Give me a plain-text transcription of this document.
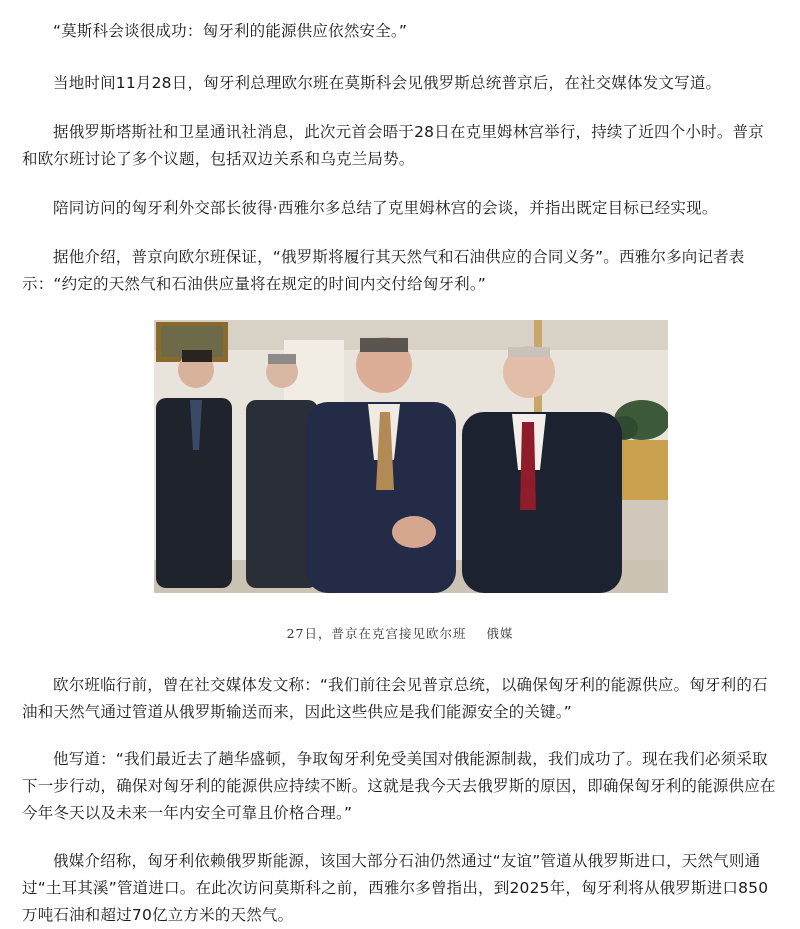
“莫斯科会谈很成功：匈牙利的能源供应依然安全。”

当地时间11月28日，匈牙利总理欧尔班在莫斯科会见俄罗斯总统普京后，在社交媒体发文写道。

据俄罗斯塔斯社和卫星通讯社消息，此次元首会晤于28日在克里姆林宫举行，持续了近四个小时。普京和欧尔班讨论了多个议题，包括双边关系和乌克兰局势。

陪同访问的匈牙利外交部长彼得·西雅尔多总结了克里姆林宫的会谈，并指出既定目标已经实现。

据他介绍，普京向欧尔班保证，“俄罗斯将履行其天然气和石油供应的合同义务”。西雅尔多向记者表示：“约定的天然气和石油供应量将在规定的时间内交付给匈牙利。”

27日，普京在克宫接见欧尔班 俄媒

欧尔班临行前，曾在社交媒体发文称：“我们前往会见普京总统，以确保匈牙利的能源供应。匈牙利的石油和天然气通过管道从俄罗斯输送而来，因此这些供应是我们能源安全的关键。”

他写道：“我们最近去了趟华盛顿，争取匈牙利免受美国对俄能源制裁，我们成功了。现在我们必须采取下一步行动，确保对匈牙利的能源供应持续不断。这就是我今天去俄罗斯的原因，即确保匈牙利的能源供应在今年冬天以及未来一年内安全可靠且价格合理。”

俄媒介绍称，匈牙利依赖俄罗斯能源，该国大部分石油仍然通过“友谊”管道从俄罗斯进口，天然气则通过“土耳其溪”管道进口。在此次访问莫斯科之前，西雅尔多曾指出，到2025年，匈牙利将从俄罗斯进口850万吨石油和超过70亿立方米的天然气。
